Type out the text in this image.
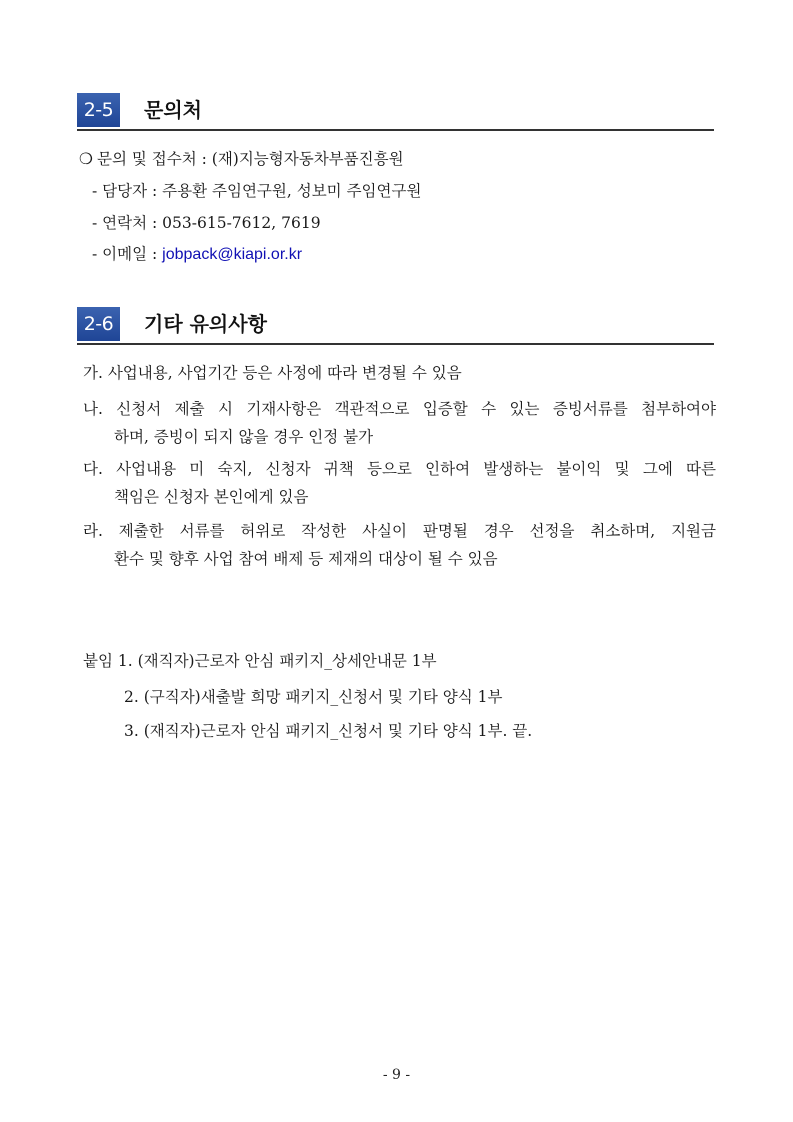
2-5	문의처
❍ 문의 및 접수처 : (재)지능형자동차부품진흥원
- 담당자 : 주용환 주임연구원, 성보미 주임연구원
- 연락처 : 053-615-7612, 7619
- 이메일 : jobpack@kiapi.or.kr
2-6	기타 유의사항
가. 사업내용, 사업기간 등은 사정에 따라 변경될 수 있음
나. 신청서 제출 시 기재사항은 객관적으로 입증할 수 있는 증빙서류를 첨부하여야
하며, 증빙이 되지 않을 경우 인정 불가
다. 사업내용 미 숙지, 신청자 귀책 등으로 인하여 발생하는 불이익 및 그에 따른
책임은 신청자 본인에게 있음
라. 제출한 서류를 허위로 작성한 사실이 판명될 경우 선정을 취소하며, 지원금
환수 및 향후 사업 참여 배제 등 제재의 대상이 될 수 있음
붙임 1. (재직자)근로자 안심 패키지_상세안내문 1부
2. (구직자)새출발 희망 패키지_신청서 및 기타 양식 1부
3. (재직자)근로자 안심 패키지_신청서 및 기타 양식 1부. 끝.
- 9 -
